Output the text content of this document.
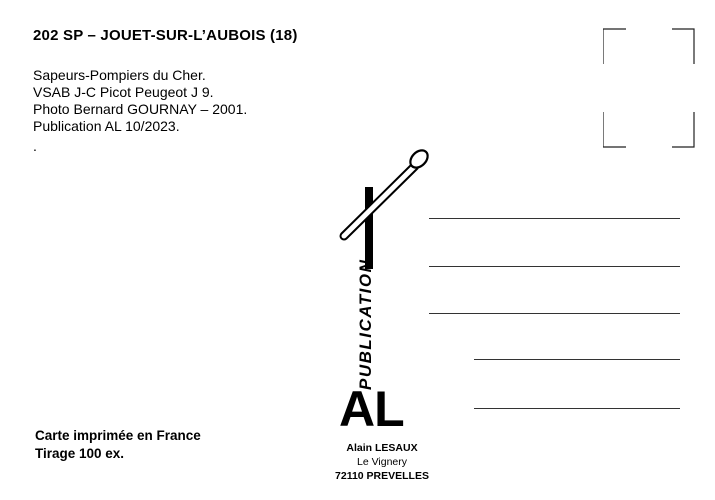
202 SP – JOUET-SUR-L’AUBOIS (18)
Sapeurs-Pompiers du Cher.
VSAB J-C Picot Peugeot J 9.
Photo Bernard GOURNAY – 2001.
Publication AL 10/2023.
.
Carte imprimée en France
Tirage 100 ex.
PUBLICATION
AL
Alain LESAUX
Le Vignery
72110 PREVELLES
